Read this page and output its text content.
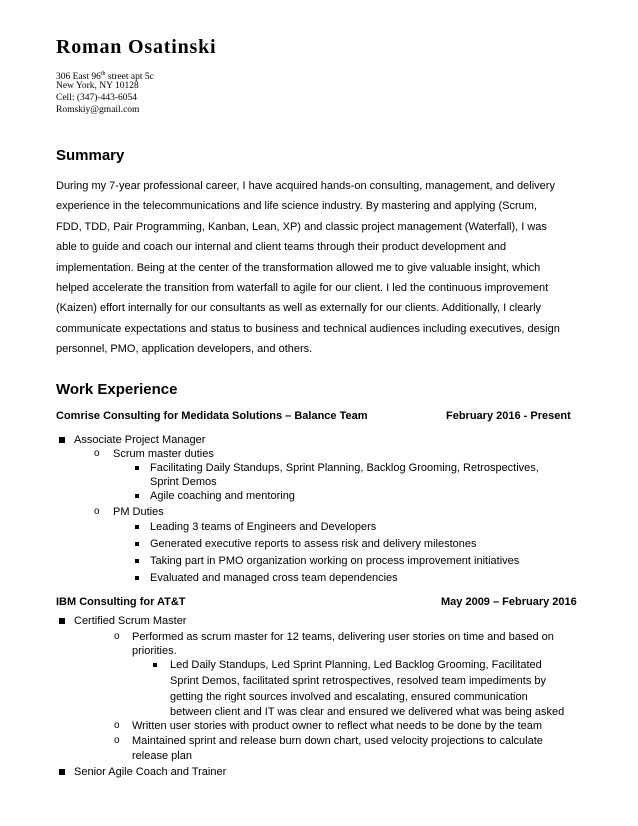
Roman Osatinski
306 East 96th street apt 5c
New York, NY 10128
Cell: (347)-443-6054
Romskiy@gmail.com
Summary
During my 7-year professional career, I have acquired hands-on consulting, management, and delivery
experience in the telecommunications and life science industry. By mastering and applying (Scrum,
FDD, TDD, Pair Programming, Kanban, Lean, XP) and classic project management (Waterfall), I was
able to guide and coach our internal and client teams through their product development and
implementation. Being at the center of the transformation allowed me to give valuable insight, which
helped accelerate the transition from waterfall to agile for our client. I led the continuous improvement
(Kaizen) effort internally for our consultants as well as externally for our clients. Additionally, I clearly
communicate expectations and status to business and technical audiences including executives, design
personnel, PMO, application developers, and others.
Work Experience
Comrise Consulting for Medidata Solutions – Balance Team	February 2016 - Present
Associate Project Manager
o Scrum master duties
Facilitating Daily Standups, Sprint Planning, Backlog Grooming, Retrospectives,
Sprint Demos
Agile coaching and mentoring
o PM Duties
Leading 3 teams of Engineers and Developers
Generated executive reports to assess risk and delivery milestones
Taking part in PMO organization working on process improvement initiatives
Evaluated and managed cross team dependencies
IBM Consulting for AT&T	May 2009 – February 2016
Certified Scrum Master
o Performed as scrum master for 12 teams, delivering user stories on time and based on
priorities.
Led Daily Standups, Led Sprint Planning, Led Backlog Grooming, Facilitated
Sprint Demos, facilitated sprint retrospectives, resolved team impediments by
getting the right sources involved and escalating, ensured communication
between client and IT was clear and ensured we delivered what was being asked
o Written user stories with product owner to reflect what needs to be done by the team
o Maintained sprint and release burn down chart, used velocity projections to calculate
release plan
Senior Agile Coach and Trainer
